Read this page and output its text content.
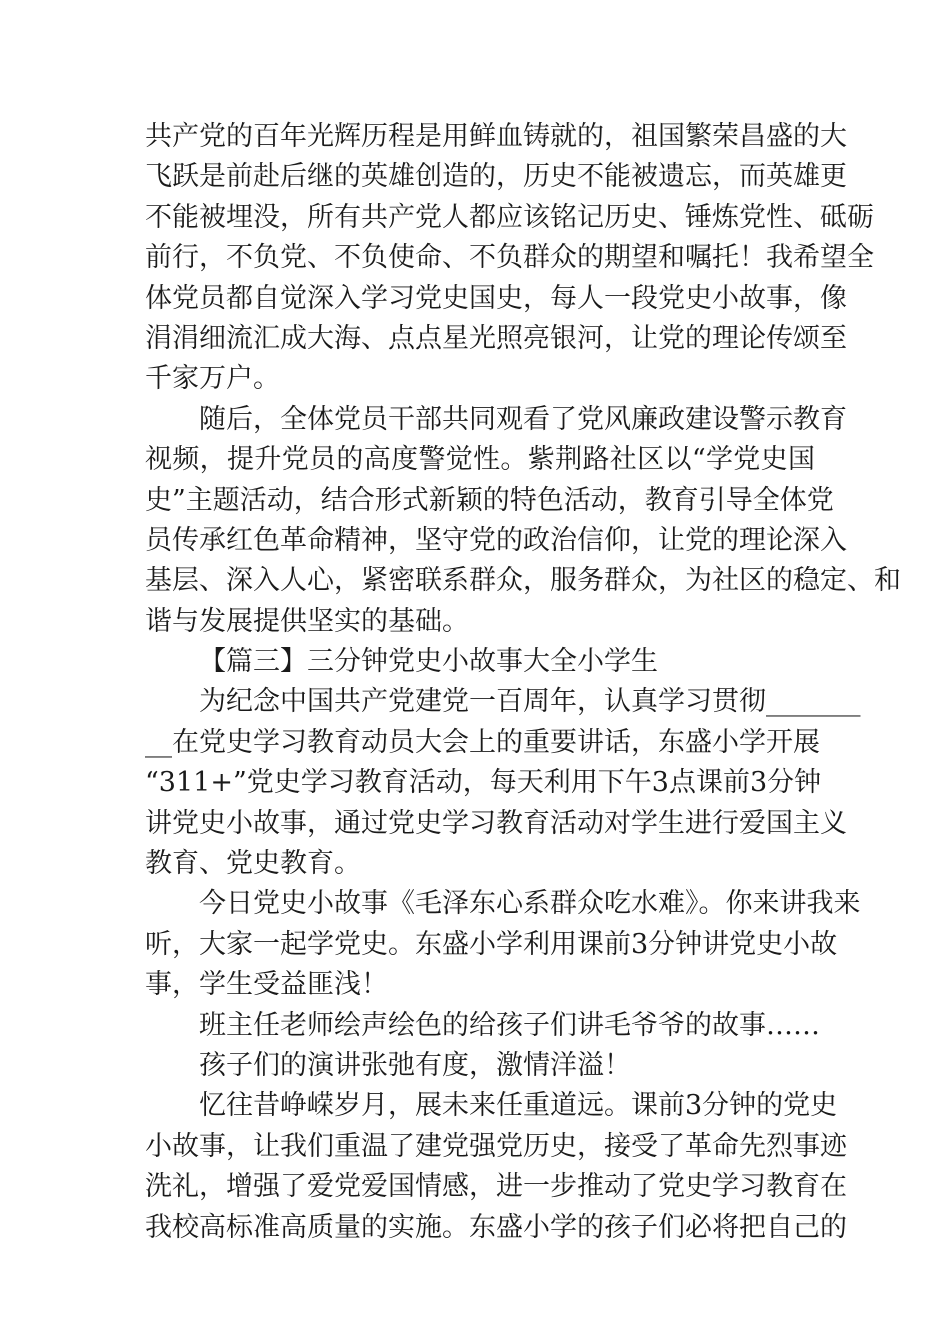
共产党的百年光辉历程是用鲜血铸就的，祖国繁荣昌盛的大
飞跃是前赴后继的英雄创造的，历史不能被遗忘，而英雄更
不能被埋没，所有共产党人都应该铭记历史、锤炼党性、砥砺
前行，不负党、不负使命、不负群众的期望和嘱托！我希望全
体党员都自觉深入学习党史国史，每人一段党史小故事，像
涓涓细流汇成大海、点点星光照亮银河，让党的理论传颂至
千家万户。
随后，全体党员干部共同观看了党风廉政建设警示教育
视频，提升党员的高度警觉性。紫荆路社区以“学党史国
史”主题活动，结合形式新颖的特色活动，教育引导全体党
员传承红色革命精神，坚守党的政治信仰，让党的理论深入
基层、深入人心，紧密联系群众，服务群众，为社区的稳定、和
谐与发展提供坚实的基础。
【篇三】三分钟党史小故事大全小学生
为纪念中国共产党建党一百周年，认真学习贯彻_______
__在党史学习教育动员大会上的重要讲话，东盛小学开展
“311+”党史学习教育活动，每天利用下午3点课前3分钟
讲党史小故事，通过党史学习教育活动对学生进行爱国主义
教育、党史教育。
今日党史小故事《毛泽东心系群众吃水难》。你来讲我来
听，大家一起学党史。东盛小学利用课前3分钟讲党史小故
事，学生受益匪浅！
班主任老师绘声绘色的给孩子们讲毛爷爷的故事……
孩子们的演讲张弛有度，激情洋溢！
忆往昔峥嵘岁月，展未来任重道远。课前3分钟的党史
小故事，让我们重温了建党强党历史，接受了革命先烈事迹
洗礼，增强了爱党爱国情感，进一步推动了党史学习教育在
我校高标准高质量的实施。东盛小学的孩子们必将把自己的
